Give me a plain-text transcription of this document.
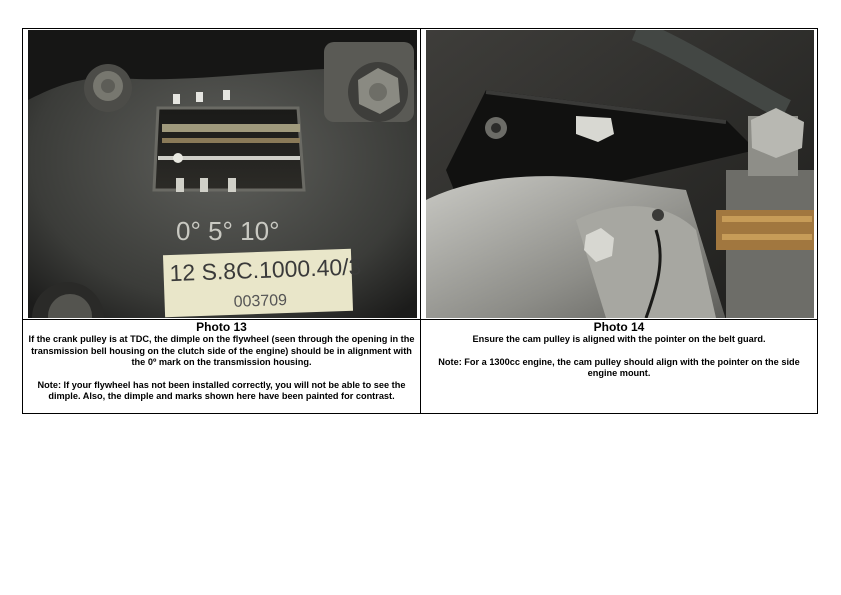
0° 5° 10°
12 S.8C.1000.40/3
003709
Photo 13
If the crank pulley is at TDC, the dimple on the flywheel (seen through the opening in the transmission bell housing on the clutch side of the engine) should be in alignment with the 0º mark on the transmission housing.
Note: If your flywheel has not been installed correctly, you will not be able to see the dimple. Also, the dimple and marks shown here have been painted for contrast.
Photo 14
Ensure the cam pulley is aligned with the pointer on the belt guard.
Note: For a 1300cc engine, the cam pulley should align with the pointer on the side engine mount.
